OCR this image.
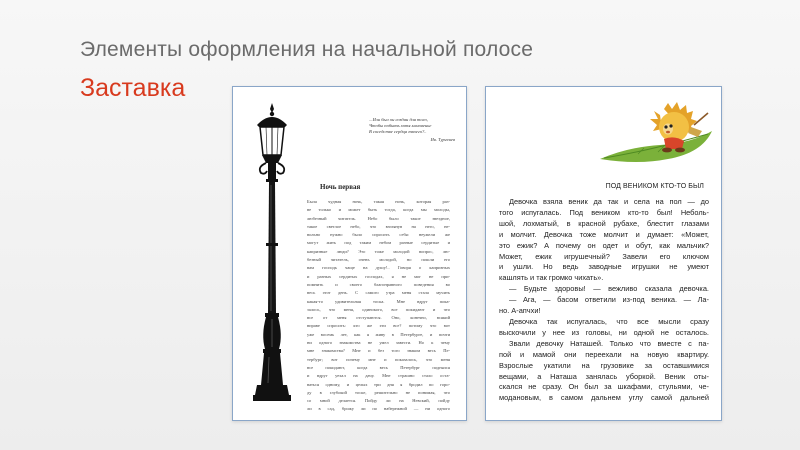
Элементы оформления на начальной полосе
Заставка
...Или был он создан для того,
Чтобы побыть хотя мгновенье
В соседстве сердца твоего?..
Ив. Тургенев
Ночь первая
Была чудная ночь, такая ночь, которая раз-
ве только и может быть тогда, когда мы молоды,
любезный читатель. Небо было такое звездное,
такое светлое небо, что взглянув на него, не-
вольно нужно было спросить себя: неужели же
могут жить под таким небом разные сердитые и
капризные люди? Это тоже молодой вопрос, лю-
безный читатель, очень молодой, но пошли его
вам господь чаще на душу!.. Говоря о капризных
и разных сердитых господах, я не мог не при-
помнить и своего благонравного поведения во
весь этот день. С самого утра меня стала мучить
какая-то удивительная тоска. Мне вдруг пока-
залось, что меня, одинокого, все покидают и что
все от меня отступаются. Оно, конечно, всякий
вправе спросить: кто же эти все? потому что вот
уже восемь лет, как я живу в Петербурге, и почти
ни одного знакомства не умел завести. Но к чему
мне знакомства? Мне и без того знаком весь Пе-
тербург; вот почему мне и показалось, что меня
все покидают, когда весь Петербург поднялся
и вдруг уехал на дачу. Мне страшно стало оста-
ваться одному, и целых три дня я бродил по горо-
ду в глубокой тоске, решительно не понимая, что
со мной делается. Пойду ли на Невский, пойду
ли в сад, брожу ли по набережной — ни одного
ПОД ВЕНИКОМ КТО-ТО БЫЛ
Девочка взяла веник да так и села на пол — до
того испугалась. Под веником кто-то был! Неболь-
шой, лохматый, в красной рубахе, блестит глазами
и молчит. Девочка тоже молчит и думает: «Может,
это ежик? А почему он одет и обут, как мальчик?
Может, ежик игрушечный? Завели его ключом
и ушли. Но ведь заводные игрушки не умеют
кашлять и так громко чихать».
— Будьте здоровы! — вежливо сказала девочка.
— Ага, — басом ответили из-под веника. — Ла-
но. А-апчхи!
Девочка так испугалась, что все мысли сразу
выскочили у нее из головы, ни одной не осталось.
Звали девочку Наташей. Только что вместе с па-
пой и мамой они переехали на новую квартиру.
Взрослые укатили на грузовике за оставшимися
вещами, а Наташа занялась уборкой. Веник оты-
скался не сразу. Он был за шкафами, стульями, че-
модановым, в самом дальнем углу самой дальней
